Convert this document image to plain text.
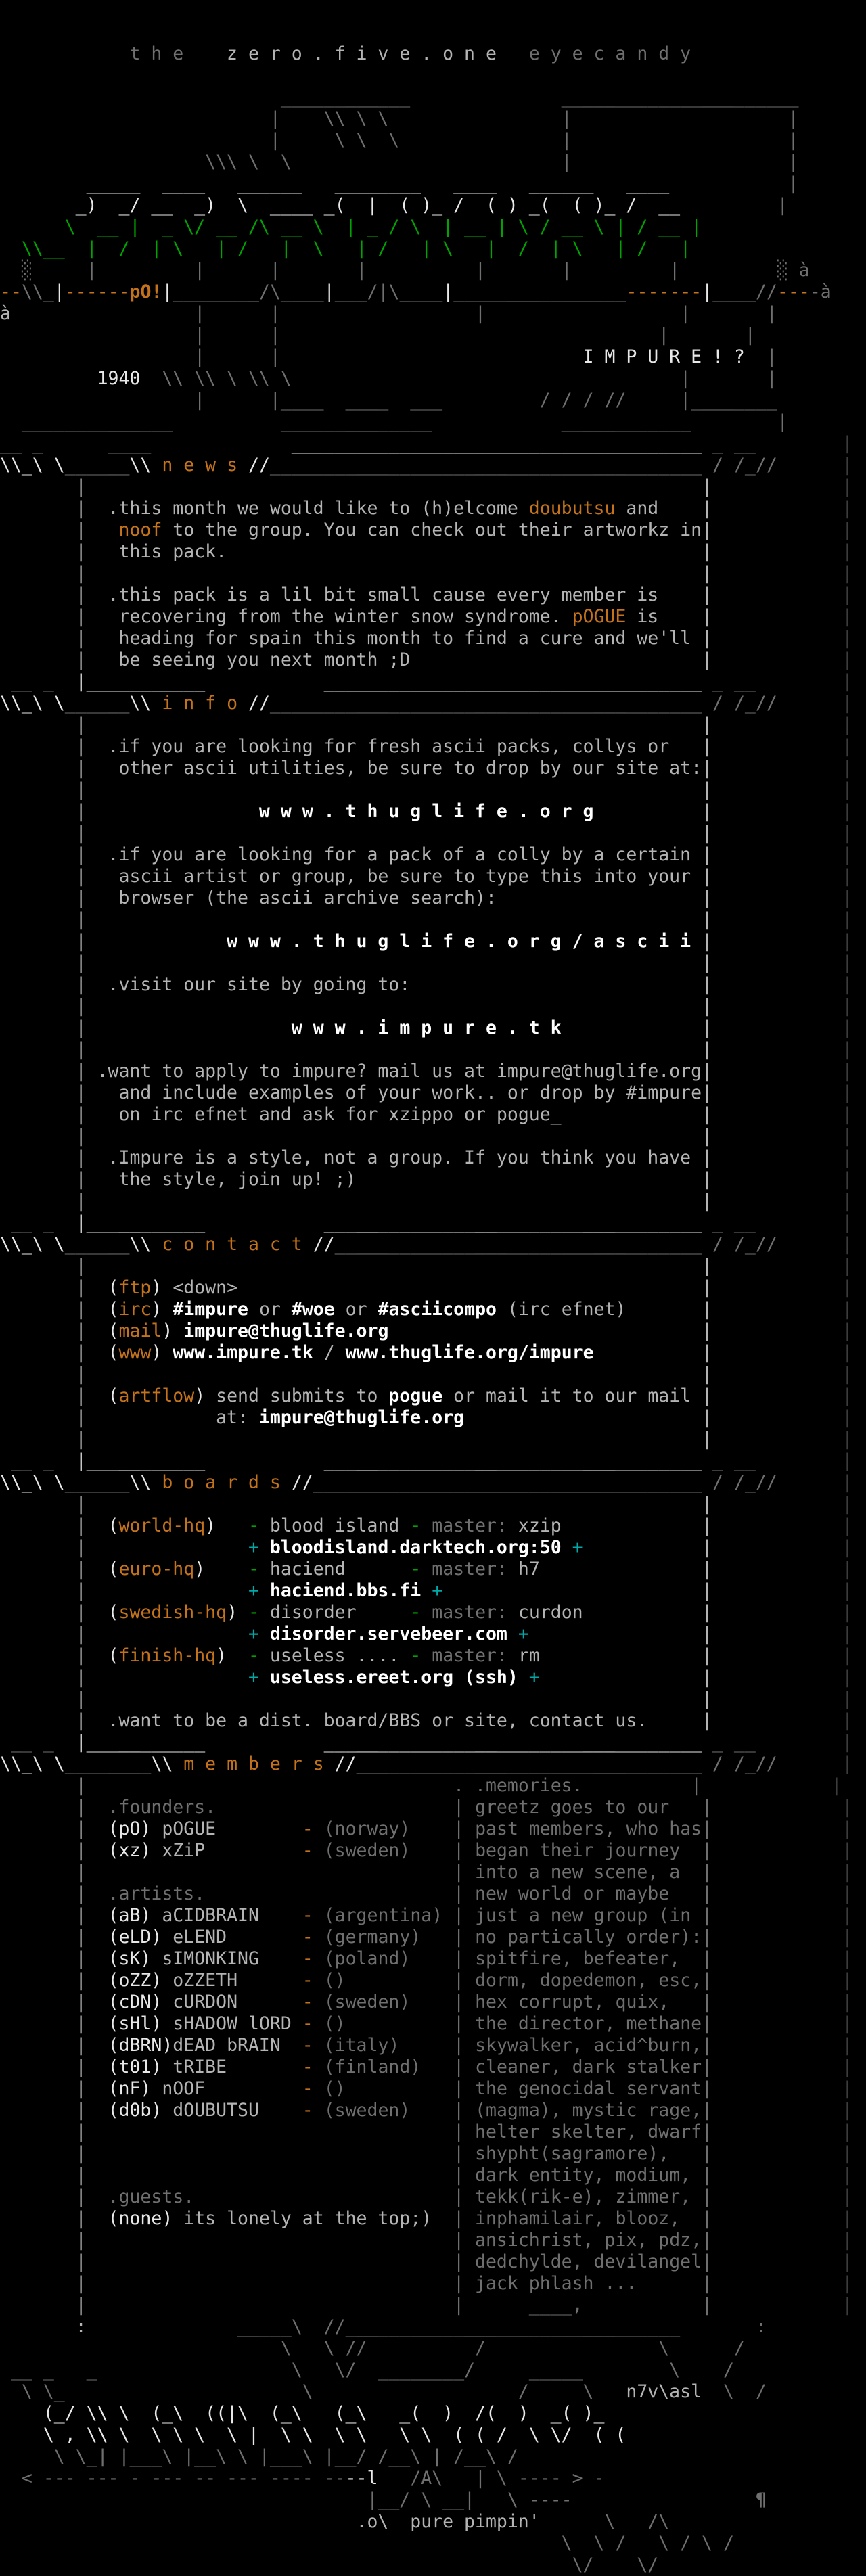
t h e    z e r o . f i v e . o n e   e y e c a n d y

____________              ______________________
|    \\ \ \                |                    |
|     \ \  \               |                    |
\\\ \  \                         |                    |
_____  ____   ______   ________   ____   ______   ____           |
_)  _/ __  _)  \  ____ _(  |  ( )_ /  ( ) _(  ( )_ /  __         |
\  __ |  _ \/ __ /\ __ \  | _ / \  | __ | \ / __ \ | / __ |
\\__  |  /  | \   | /   |  \   | /   | \   |  /  | \   | /   |
░     |         |      |       |          |       |         |         ░ à
--\\_|------pO!|________/\____|___/|\____|________________-------|____//----à
à                 |      |                  |                  |       |
|      |                                   |       |
|      |                            I M P U R E ! ?  |
1940  \\ \\ \ \\ \                                    |       |
|      |____  ____  ___         / / / //     |________
______________          ______________            ____________        |
__ _      ____             ______________________________________ _ __        |
\\_\ \______\\ n e w s //________________________________________ / /_//      |
|                                                         |            |
|  .this month we would like to (h)elcome doubutsu and    |            |
| noof to the group. You can check out their artworkz in|            |
|   this pack.                                            |            |
|                                                         |            |
|  .this pack is a lil bit small cause every member is    |            |
|   recovering from the winter snow syndrome. pOGUE is    |            |
|   heading for spain this month to find a cure and we'll |            |
|   be seeing you next month ;D                           |            |
__ _  |___________	___________________________________ _ __        |
\\_\ \______\\ i n f o //________________________________________ / /_//      |
|                                                         |            |
|  .if you are looking for fresh ascii packs, collys or   |            |
|   other ascii utilities, be sure to drop by our site at:|            |
|                                                         |            |
|	w w w . t h u g l i f e . o r g	|            |
|                                                         |            |
|  .if you are looking for a pack of a colly by a certain |            |
|   ascii artist or group, be sure to type this into your |            |
|   browser (the ascii archive search):                   |            |
|                                                         |            |
|	w w w . t h u g l i f e . o r g / a s c i i |            |
|                                                         |            |
|  .visit our site by going to:                           |            |
|                                                         |            |
|	w w w . i m p u r e . t k	|            |
|                                                         |            |
| .want to apply to impure? mail us at impure@thuglife.org|            |
|   and include examples of your work.. or drop by #impure|            |
|   on irc efnet and ask for xzippo or pogue_             |            |
|                                                         |            |
|  .Impure is a style, not a group. If you think you have |            |
|   the style, join up! ;)                                |            |
|                                                         |            |
__ _  |___________	___________________________________ _ __        |
\\_\ \______\\ c o n t a c t //__________________________________ / /_//      |
|                                                         |            |
|  (ftp) <down>                                           |            |
|  (irc) #impure or #woe or #asciicompo (irc efnet)       |            |
|  (mail) impure@thuglife.org	|            |
|  (www) www.impure.tk / www.thuglife.org/impure	|            |
|                                                         |            |
|  (artflow) send submits to pogue or mail it to our mail |            |
|            at: impure@thuglife.org	|            |
|                                                         |            |
__ _  |___________	___________________________________ _ __        |
\\_\ \______\\ b o a r d s //____________________________________ / /_//      |
|                                                         |            |
|  (world-hq) - blood island - master: xzip	|            |
|               + bloodisland.darktech.org:50 +	|            |
|  (euro-hq) - haciend      - master: h7	|            |
|               + haciend.bbs.fi +	|            |
|  (swedish-hq) - disorder     - master: curdon	|            |
|               + disorder.servebeer.com +	|            |
|  (finish-hq) - useless .... - master: rm	|            |
|               + useless.ereet.org (ssh) +	|            |
|                                                         |            |
|  .want to be a dist. board/BBS or site, contact us.     |            |
__ _  |___________	___________________________________ _ __        |
\\_\ \________\\ m e m b e r s //________________________________ / /_//      |
|	. .memories.          |            |
|  .founders.                      | greetz goes to our   |            |
| (pO) pOGUE        - (norway)    | past members, who has|            |
| (xz) xZiP         - (sweden)    | began their journey  |            |
|	| into a new scene, a  |            |
|  .artists.                       | new world or maybe   |            |
| (aB) aCIDBRAIN    - (argentina) | just a new group (in |            |
| (eLD) eLEND       - (germany)   | no partically order):|            |
| (sK) sIMONKING    - (poland)    | spitfire, befeater,  |            |
| (oZZ) oZZETH      - ()          | dorm, dopedemon, esc,|            |
| (cDN) cURDON      - (sweden)    | hex corrupt, quix,   |            |
| (sHl) sHADOW lORD - ()          | the director, methane|            |
| (dBRN)dEAD bRAIN  - (italy)     | skywalker, acid^burn,|            |
| (t01) tRIBE       - (finland)   | cleaner, dark stalker|            |
| (nF) nOOF         - ()          | the genocidal servant|            |
| (d0b) dOUBUTSU    - (sweden)    | (magma), mystic rage,|            |
|	| helter skelter, dwarf|            |
|	| shypht(sagramore),   |            |
|	| dark entity, modium, |            |
|  .guests.                        | tekk(rik-e), zimmer, |            |
| (none) its lonely at the top;)  | inphamilair, blooz,  |            |
|	| ansichrist, pix, pdz,|            |
|	| dedchylde, devilangel|            |
|	| jack phlash ...      |            |
|	|      ____,           |            |
:              _____\  //_______________________________       :
\   \ //          /                \      /
__ _   _                  \   \/  ________/     _____        \    /
\ \_                      \                   /     \   n7v\asl  \  /
(_/ \\ \  (_\  ((|\  (_\   (_\   _(  )  /(  )  _( )_
\ , \\ \  \ \ \  \ |  \ \  \ \   \ \  ( ( /  \ \/  ( (
\ \_| |___\ |__\ \ |___\ |__/ /__\ | /__\ /
< --- --- - --- -- --- ---- ----l   /A\   | \ ---- > -
|__/ \ __|   \ ----                 ¶
.o\  pure pimpin'      \   /\
\  \ /   \ / \ /
\/    \/
